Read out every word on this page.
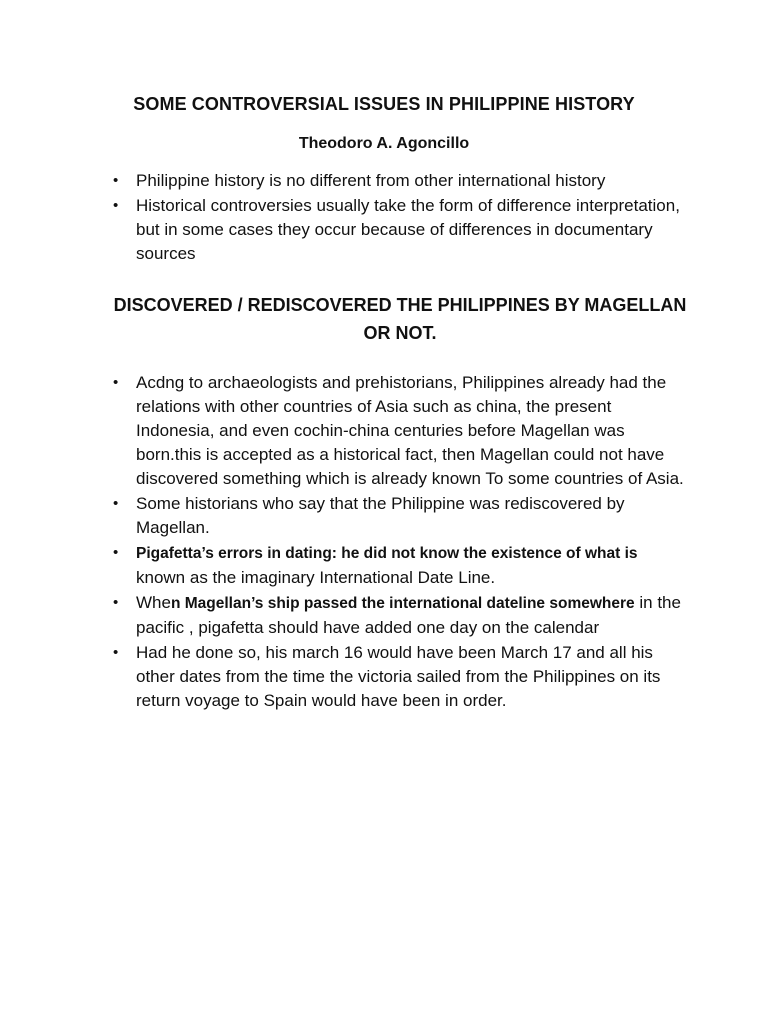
SOME CONTROVERSIAL ISSUES IN PHILIPPINE HISTORY
Theodoro A. Agoncillo
• Philippine history is no different from other international history
• Historical controversies usually take the form of difference interpretation, but in some cases they occur because of differences in documentary sources
DISCOVERED / REDISCOVERED THE PHILIPPINES BY MAGELLAN OR NOT.
• Acdng to archaeologists and prehistorians, Philippines already had the relations with other countries of Asia such as china, the present Indonesia, and even cochin-china centuries before Magellan was born.this is accepted as a historical fact, then Magellan could not have discovered something which is already known To some countries of Asia.
• Some historians who say that the Philippine was rediscovered by Magellan.
• Pigafetta’s errors in dating: he did not know the existence of what is known as the imaginary International Date Line.
• When Magellan’s ship passed the international dateline somewhere in the pacific , pigafetta should have added one day on the calendar
• Had he done so, his march 16 would have been March 17 and all his other dates from the time the victoria sailed from the Philippines on its return voyage to Spain would have been in order.
